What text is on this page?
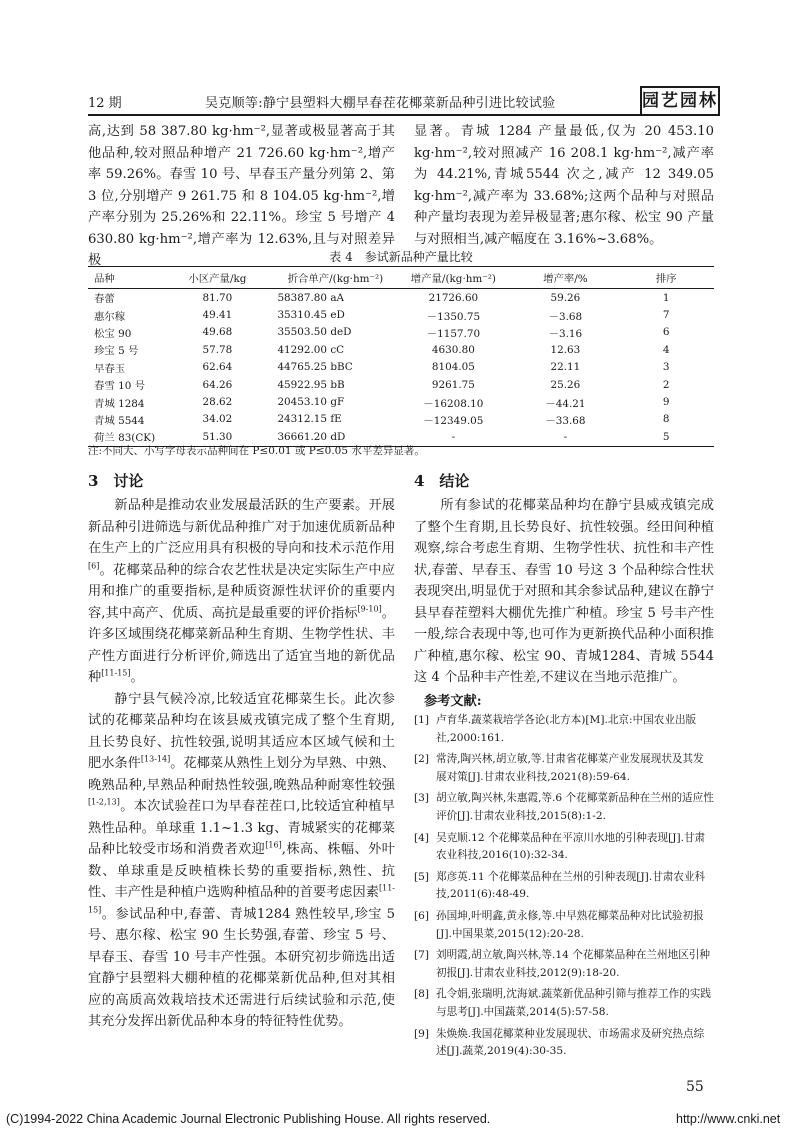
12 期	吴克顺等:静宁县塑料大棚早春茬花椰菜新品种引进比较试验	园艺园林
高,达到 58 387.80 kg·hm⁻²,显著或极显著高于其他品种,较对照品种增产 21 726.60 kg·hm⁻²,增产率 59.26%。春雪 10 号、早春玉产量分列第 2、第 3 位,分别增产 9 261.75 和 8 104.05 kg·hm⁻²,增产率分别为 25.26%和 22.11%。珍宝 5 号增产 4 630.80 kg·hm⁻²,增产率为 12.63%,且与对照差异极
显著。青城 1284 产量最低,仅为 20 453.10 kg·hm⁻²,较对照减产 16 208.1 kg·hm⁻²,减产率为 44.21%,青城5544 次之,减产 12 349.05 kg·hm⁻²,减产率为 33.68%;这两个品种与对照品种产量均表现为差异极显著;惠尔稼、松宝 90 产量与对照相当,减产幅度在 3.16%~3.68%。
表 4　参试新品种产量比较
品种	小区产量/kg	折合单产/(kg·hm⁻²)	增产量/(kg·hm⁻²)	增产率/%	排序
春蕾	81.70	58387.80 aA	21726.60	59.26	1
惠尔稼	49.41	35310.45 eD	－1350.75	－3.68	7
松宝 90	49.68	35503.50 deD	－1157.70	－3.16	6
珍宝 5 号	57.78	41292.00 cC	4630.80	12.63	4
早春玉	62.64	44765.25 bBC	8104.05	22.11	3
春雪 10 号	64.26	45922.95 bB	9261.75	25.26	2
青城 1284	28.62	20453.10 gF	－16208.10	－44.21	9
青城 5544	34.02	24312.15 fE	－12349.05	－33.68	8
荷兰 83(CK)	51.30	36661.20 dD	-	-	5
注:不同大、小写字母表示品种间在 P≤0.01 或 P≤0.05 水平差异显著。
3　讨论

新品种是推动农业发展最活跃的生产要素。开展新品种引进筛选与新优品种推广对于加速优质新品种在生产上的广泛应用具有积极的导向和技术示范作用[6]。花椰菜品种的综合农艺性状是决定实际生产中应用和推广的重要指标,是种质资源性状评价的重要内容,其中高产、优质、高抗是最重要的评价指标[9-10]。许多区域围绕花椰菜新品种生育期、生物学性状、丰产性方面进行分析评价,筛选出了适宜当地的新优品种[11-15]。

静宁县气候冷凉,比较适宜花椰菜生长。此次参试的花椰菜品种均在该县威戎镇完成了整个生育期,且长势良好、抗性较强,说明其适应本区域气候和土肥水条件[13-14]。花椰菜从熟性上划分为早熟、中熟、晚熟品种,早熟品种耐热性较强,晚熟品种耐寒性较强[1-2,13]。本次试验茬口为早春茬茬口,比较适宜种植早熟性品种。单球重 1.1~1.3 kg、青城紧实的花椰菜品种比较受市场和消费者欢迎[16],株高、株幅、外叶数、单球重是反映植株长势的重要指标,熟性、抗性、丰产性是种植户选购种植品种的首要考虑因素[11-15]。参试品种中,春蕾、青城1284 熟性较早,珍宝 5 号、惠尔稼、松宝 90 生长势强,春蕾、珍宝 5 号、早春玉、春雪 10 号丰产性强。本研究初步筛选出适宜静宁县塑料大棚种植的花椰菜新优品种,但对其相应的高质高效栽培技术还需进行后续试验和示范,使其充分发挥出新优品种本身的特征特性优势。

4　结论

所有参试的花椰菜品种均在静宁县威戎镇完成了整个生育期,且长势良好、抗性较强。经田间种植观察,综合考虑生育期、生物学性状、抗性和丰产性状,春蕾、早春玉、春雪 10 号这 3 个品种综合性状表现突出,明显优于对照和其余参试品种,建议在静宁县早春茬塑料大棚优先推广种植。珍宝 5 号丰产性一般,综合表现中等,也可作为更新换代品种小面积推广种植,惠尔稼、松宝 90、青城1284、青城 5544 这 4 个品种丰产性差,不建议在当地示范推广。

参考文献:
[1] 卢育华.蔬菜栽培学各论(北方本)[M].北京:中国农业出版社,2000:161.
[2] 常涛,陶兴林,胡立敏,等.甘肃省花椰菜产业发展现状及其发展对策[J].甘肃农业科技,2021(8):59-64.
[3] 胡立敏,陶兴林,朱惠霞,等.6 个花椰菜新品种在兰州的适应性评价[J].甘肃农业科技,2015(8):1-2.
[4] 吴克顺.12 个花椰菜品种在平凉川水地的引种表现[J].甘肃农业科技,2016(10):32-34.
[5] 郑彦英.11 个花椰菜品种在兰州的引种表现[J].甘肃农业科技,2011(6):48-49.
[6] 孙国坤,叶明鑫,黄永修,等.中早熟花椰菜品种对比试验初报[J].中国果菜,2015(12):20-28.
[7] 刘明霞,胡立敏,陶兴林,等.14 个花椰菜品种在兰州地区引种初报[J].甘肃农业科技,2012(9):18-20.
[8] 孔令娟,张瑞明,沈海斌.蔬菜新优品种引筛与推荐工作的实践与思考[J].中国蔬菜,2014(5):57-58.
[9] 朱焕焕.我国花椰菜种业发展现状、市场需求及研究热点综述[J].蔬菜,2019(4):30-35.
55
(C)1994-2022 China Academic Journal Electronic Publishing House. All rights reserved.	http://www.cnki.net
